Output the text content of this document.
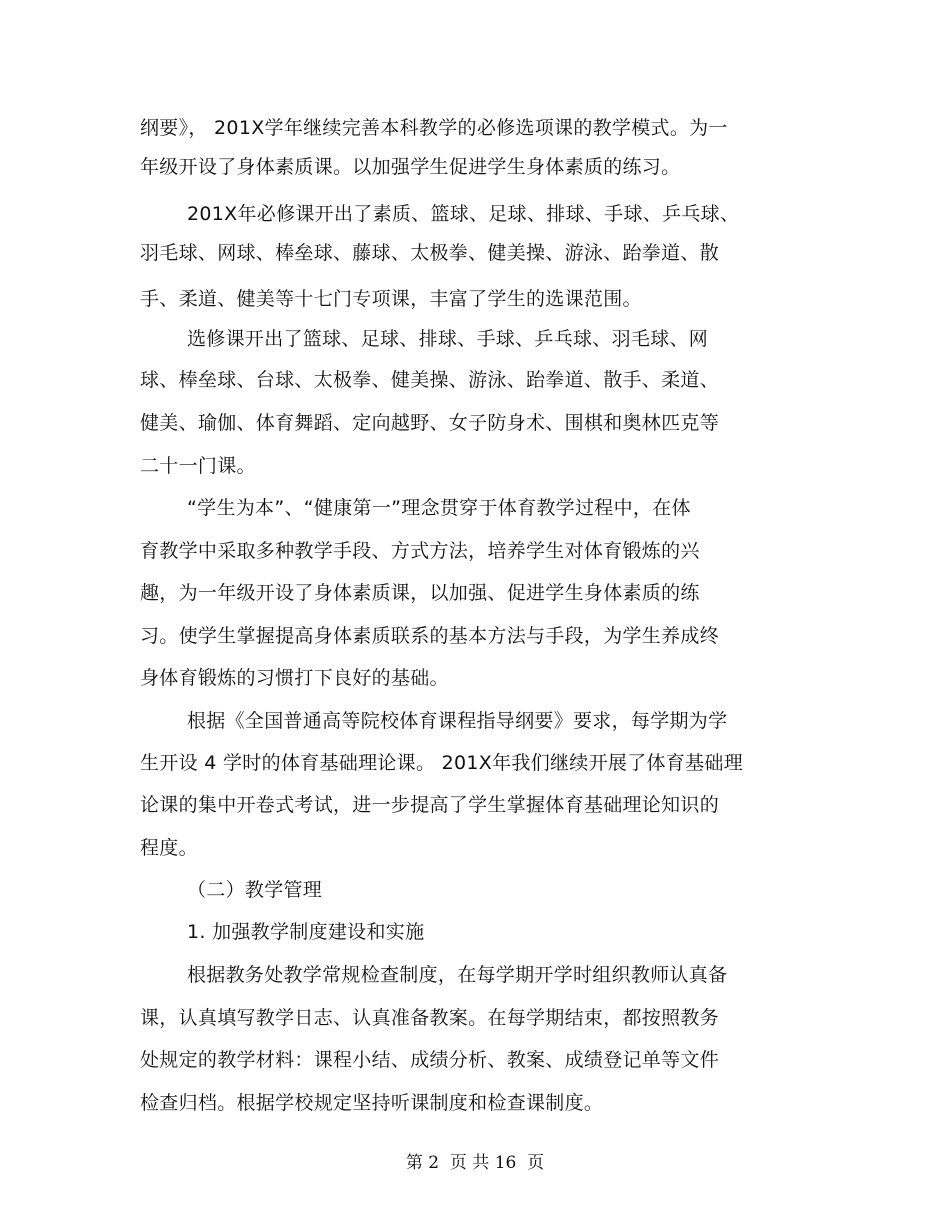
纲要》， 201X学年继续完善本科教学的必修选项课的教学模式。为一
年级开设了身体素质课。以加强学生促进学生身体素质的练习。
201X年必修课开出了素质、篮球、足球、排球、手球、乒乓球、
羽毛球、网球、棒垒球、藤球、太极拳、健美操、游泳、跆拳道、散
手、柔道、健美等十七门专项课，丰富了学生的选课范围。
选修课开出了篮球、足球、排球、手球、乒乓球、羽毛球、网
球、棒垒球、台球、太极拳、健美操、游泳、跆拳道、散手、柔道、
健美、瑜伽、体育舞蹈、定向越野、女子防身术、围棋和奥林匹克等
二十一门课。
“学生为本”、“健康第一”理念贯穿于体育教学过程中，在体
育教学中采取多种教学手段、方式方法，培养学生对体育锻炼的兴
趣，为一年级开设了身体素质课，以加强、促进学生身体素质的练
习。使学生掌握提高身体素质联系的基本方法与手段，为学生养成终
身体育锻炼的习惯打下良好的基础。
根据《全国普通高等院校体育课程指导纲要》要求，每学期为学
生开设 4 学时的体育基础理论课。 201X年我们继续开展了体育基础理
论课的集中开卷式考试，进一步提高了学生掌握体育基础理论知识的
程度。
（二）教学管理
1. 加强教学制度建设和实施
根据教务处教学常规检查制度，在每学期开学时组织教师认真备
课，认真填写教学日志、认真准备教案。在每学期结束，都按照教务
处规定的教学材料：课程小结、成绩分析、教案、成绩登记单等文件
检查归档。根据学校规定坚持听课制度和检查课制度。
第 2  页 共 16  页
